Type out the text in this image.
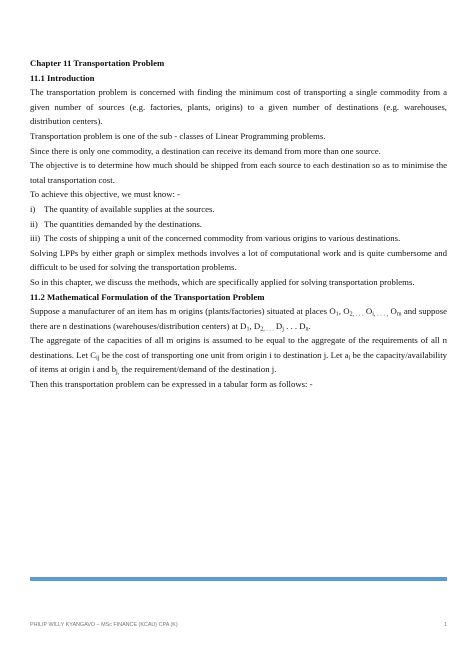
Chapter 11 Transportation Problem

11.1 Introduction

The transportation problem is concerned with finding the minimum cost of transporting a single commodity from a given number of sources (e.g. factories, plants, origins) to a given number of destinations (e.g. warehouses, distribution centers).

Transportation problem is one of the sub - classes of Linear Programming problems.

Since there is only one commodity, a destination can receive its demand from more than one source.

The objective is to determine how much should be shipped from each source to each destination so as to minimise the total transportation cost.

To achieve this objective, we must know: -

i) The quantity of available supplies at the sources.
ii) The quantities demanded by the destinations.
iii) The costs of shipping a unit of the concerned commodity from various origins to various destinations.

Solving LPPs by either graph or simplex methods involves a lot of computational work and is quite cumbersome and difficult to be used for solving the transportation problems.

So in this chapter, we discuss the methods, which are specifically applied for solving transportation problems.

11.2 Mathematical Formulation of the Transportation Problem

Suppose a manufacturer of an item has m origins (plants/factories) situated at places $O_1$, $O_{2, . . .}$ $O_{i, . . . ,}$ $O_m$ and suppose there are n destinations (warehouses/distribution centers) at $D_1$, $D_{2, . . .}$ $D_j$ . . . $D_n$.

The aggregate of the capacities of all m origins is assumed to be equal to the aggregate of the requirements of all n destinations. Let $C_{ij}$ be the cost of transporting one unit from origin i to destination j. Let $a_i$ be the capacity/availability of items at origin i and $b_{j,}$ the requirement/demand of the destination j.

Then this transportation problem can be expressed in a tabular form as follows: -

PHILIP WILLY KYANGAVO – MSc FINANCE (KCAU) CPA (K)	1
